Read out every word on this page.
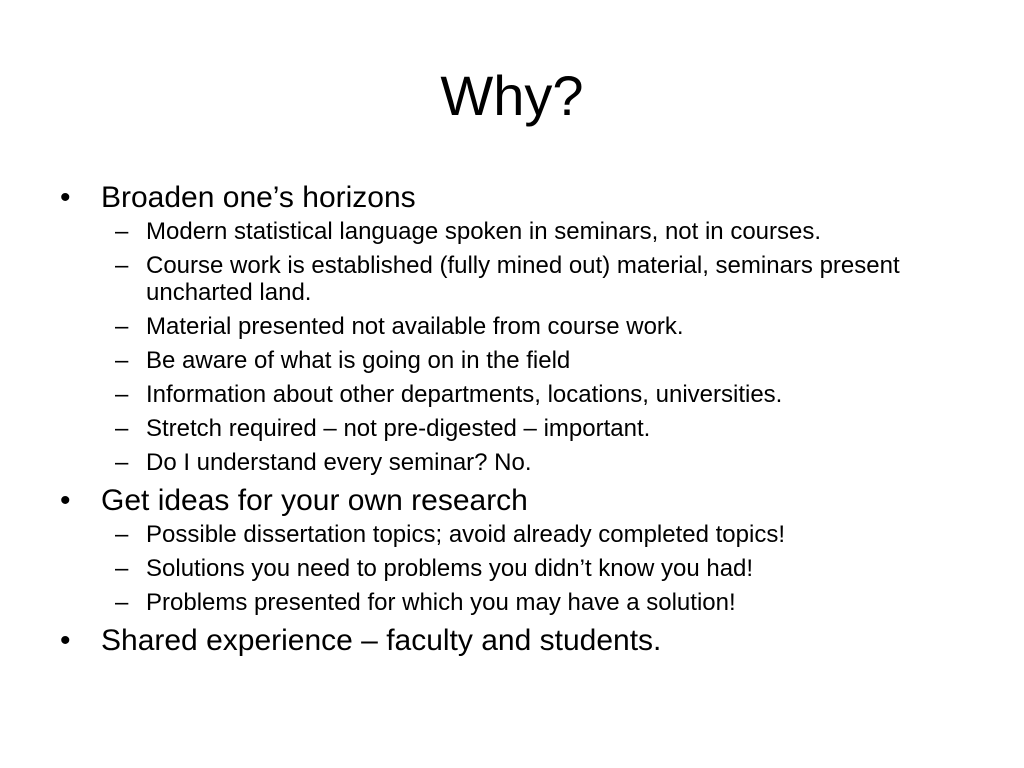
Why?
•	Broaden one’s horizons
– Modern statistical language spoken in seminars, not in courses.
– Course work is established (fully mined out) material, seminars present uncharted land.
– Material presented not available from course work.
– Be aware of what is going on in the field
– Information about other departments, locations, universities.
– Stretch required – not pre-digested – important.
– Do I understand every seminar? No.
•	Get ideas for your own research
– Possible dissertation topics; avoid already completed topics!
– Solutions you need to problems you didn’t know you had!
– Problems presented for which you may have a solution!
•	Shared experience – faculty and students.
